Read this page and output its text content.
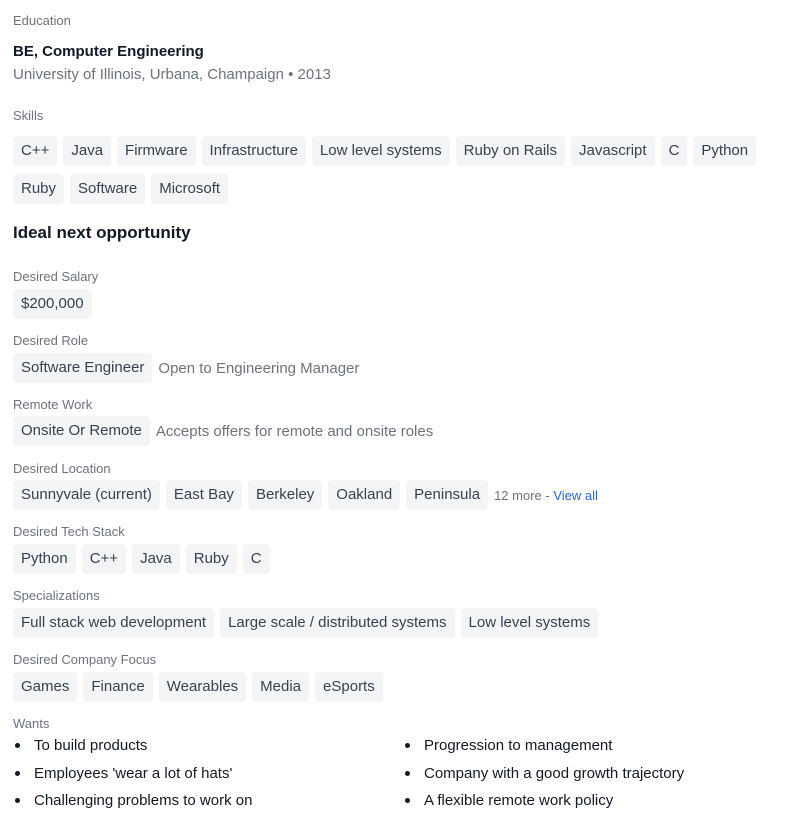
Education
BE, Computer Engineering
University of Illinois, Urbana, Champaign • 2013
Skills
C++	Java	Firmware	Infrastructure	Low level systems	Ruby on Rails	Javascript	C	Python
Ruby	Software	Microsoft
Ideal next opportunity
Desired Salary
$200,000
Desired Role
Software Engineer Open to Engineering Manager
Remote Work
Onsite Or Remote Accepts offers for remote and onsite roles
Desired Location
Sunnyvale (current)	East Bay	Berkeley	Oakland	Peninsula	12 more - View all
Desired Tech Stack
Python	C++	Java	Ruby	C
Specializations
Full stack web development	Large scale / distributed systems	Low level systems
Desired Company Focus
Games	Finance	Wearables	Media	eSports
Wants
To build products
Employees 'wear a lot of hats'
Challenging problems to work on
Progression to management
Company with a good growth trajectory
A flexible remote work policy
